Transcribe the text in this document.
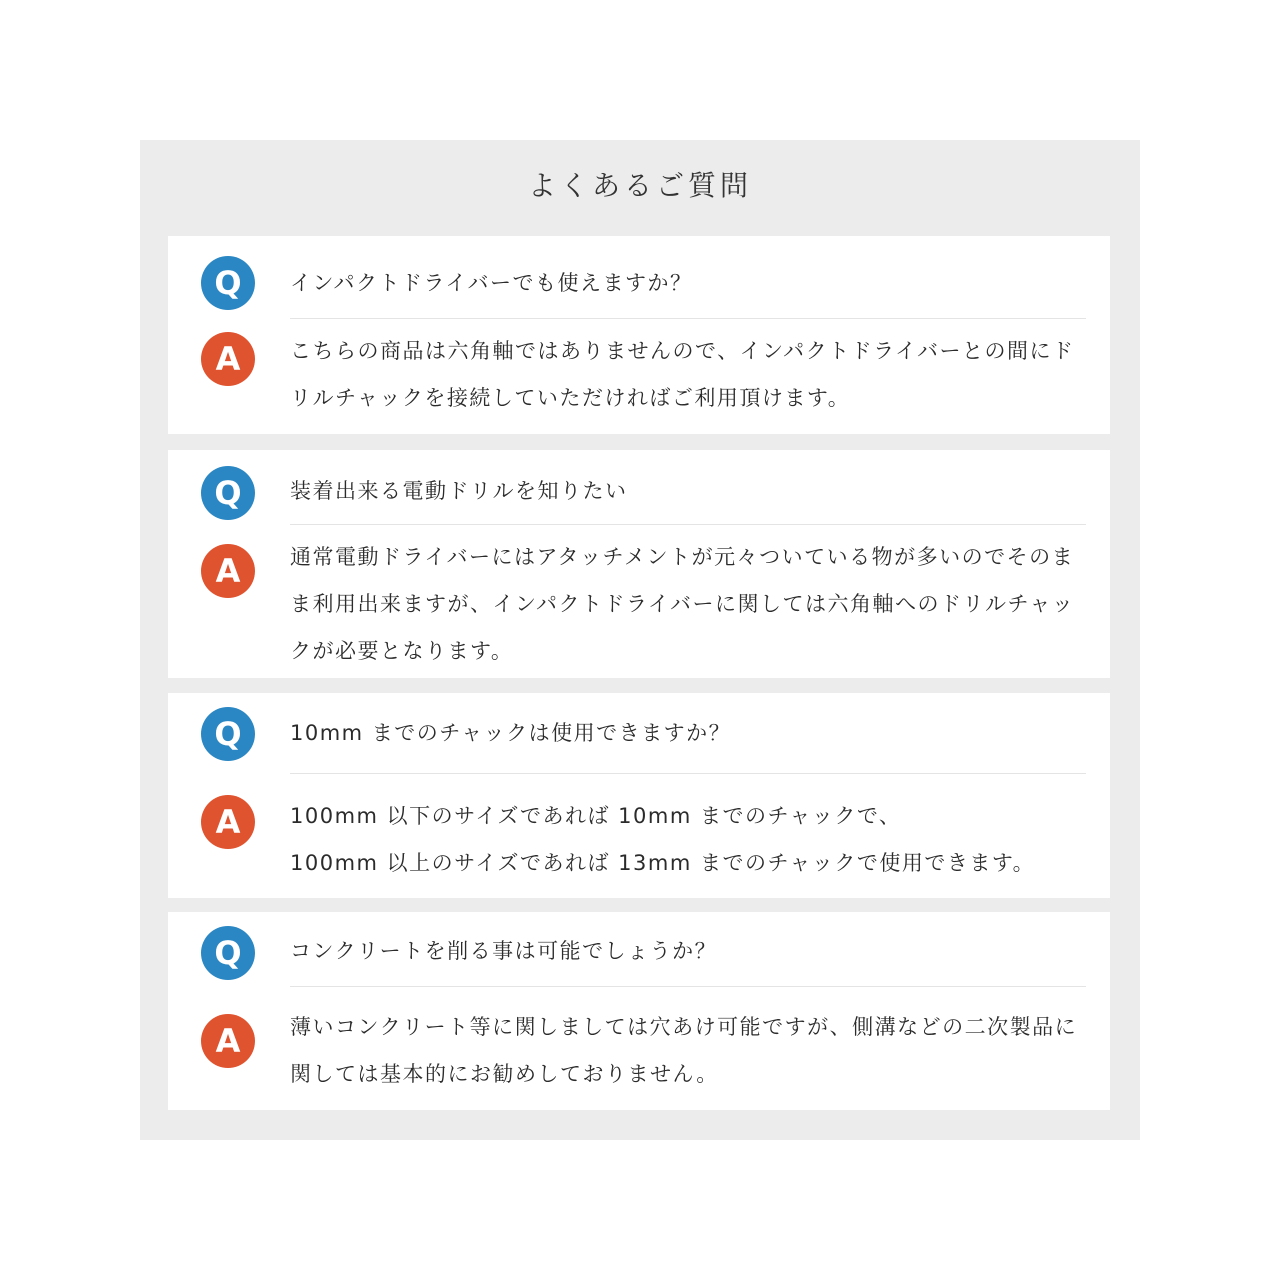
よくあるご質問
Q	インパクトドライバーでも使えますか？
A	こちらの商品は六角軸ではありませんので、インパクトドライバーとの間にドリルチャックを接続していただければご利用頂けます。
Q	装着出来る電動ドリルを知りたい
A	通常電動ドライバーにはアタッチメントが元々ついている物が多いのでそのまま利用出来ますが、インパクトドライバーに関しては六角軸へのドリルチャックが必要となります。
Q	10mm までのチャックは使用できますか？
A	100mm 以下のサイズであれば 10mm までのチャックで、
100mm 以上のサイズであれば 13mm までのチャックで使用できます。
Q	コンクリートを削る事は可能でしょうか？
A	薄いコンクリート等に関しましては穴あけ可能ですが、側溝などの二次製品に関しては基本的にお勧めしておりません。
